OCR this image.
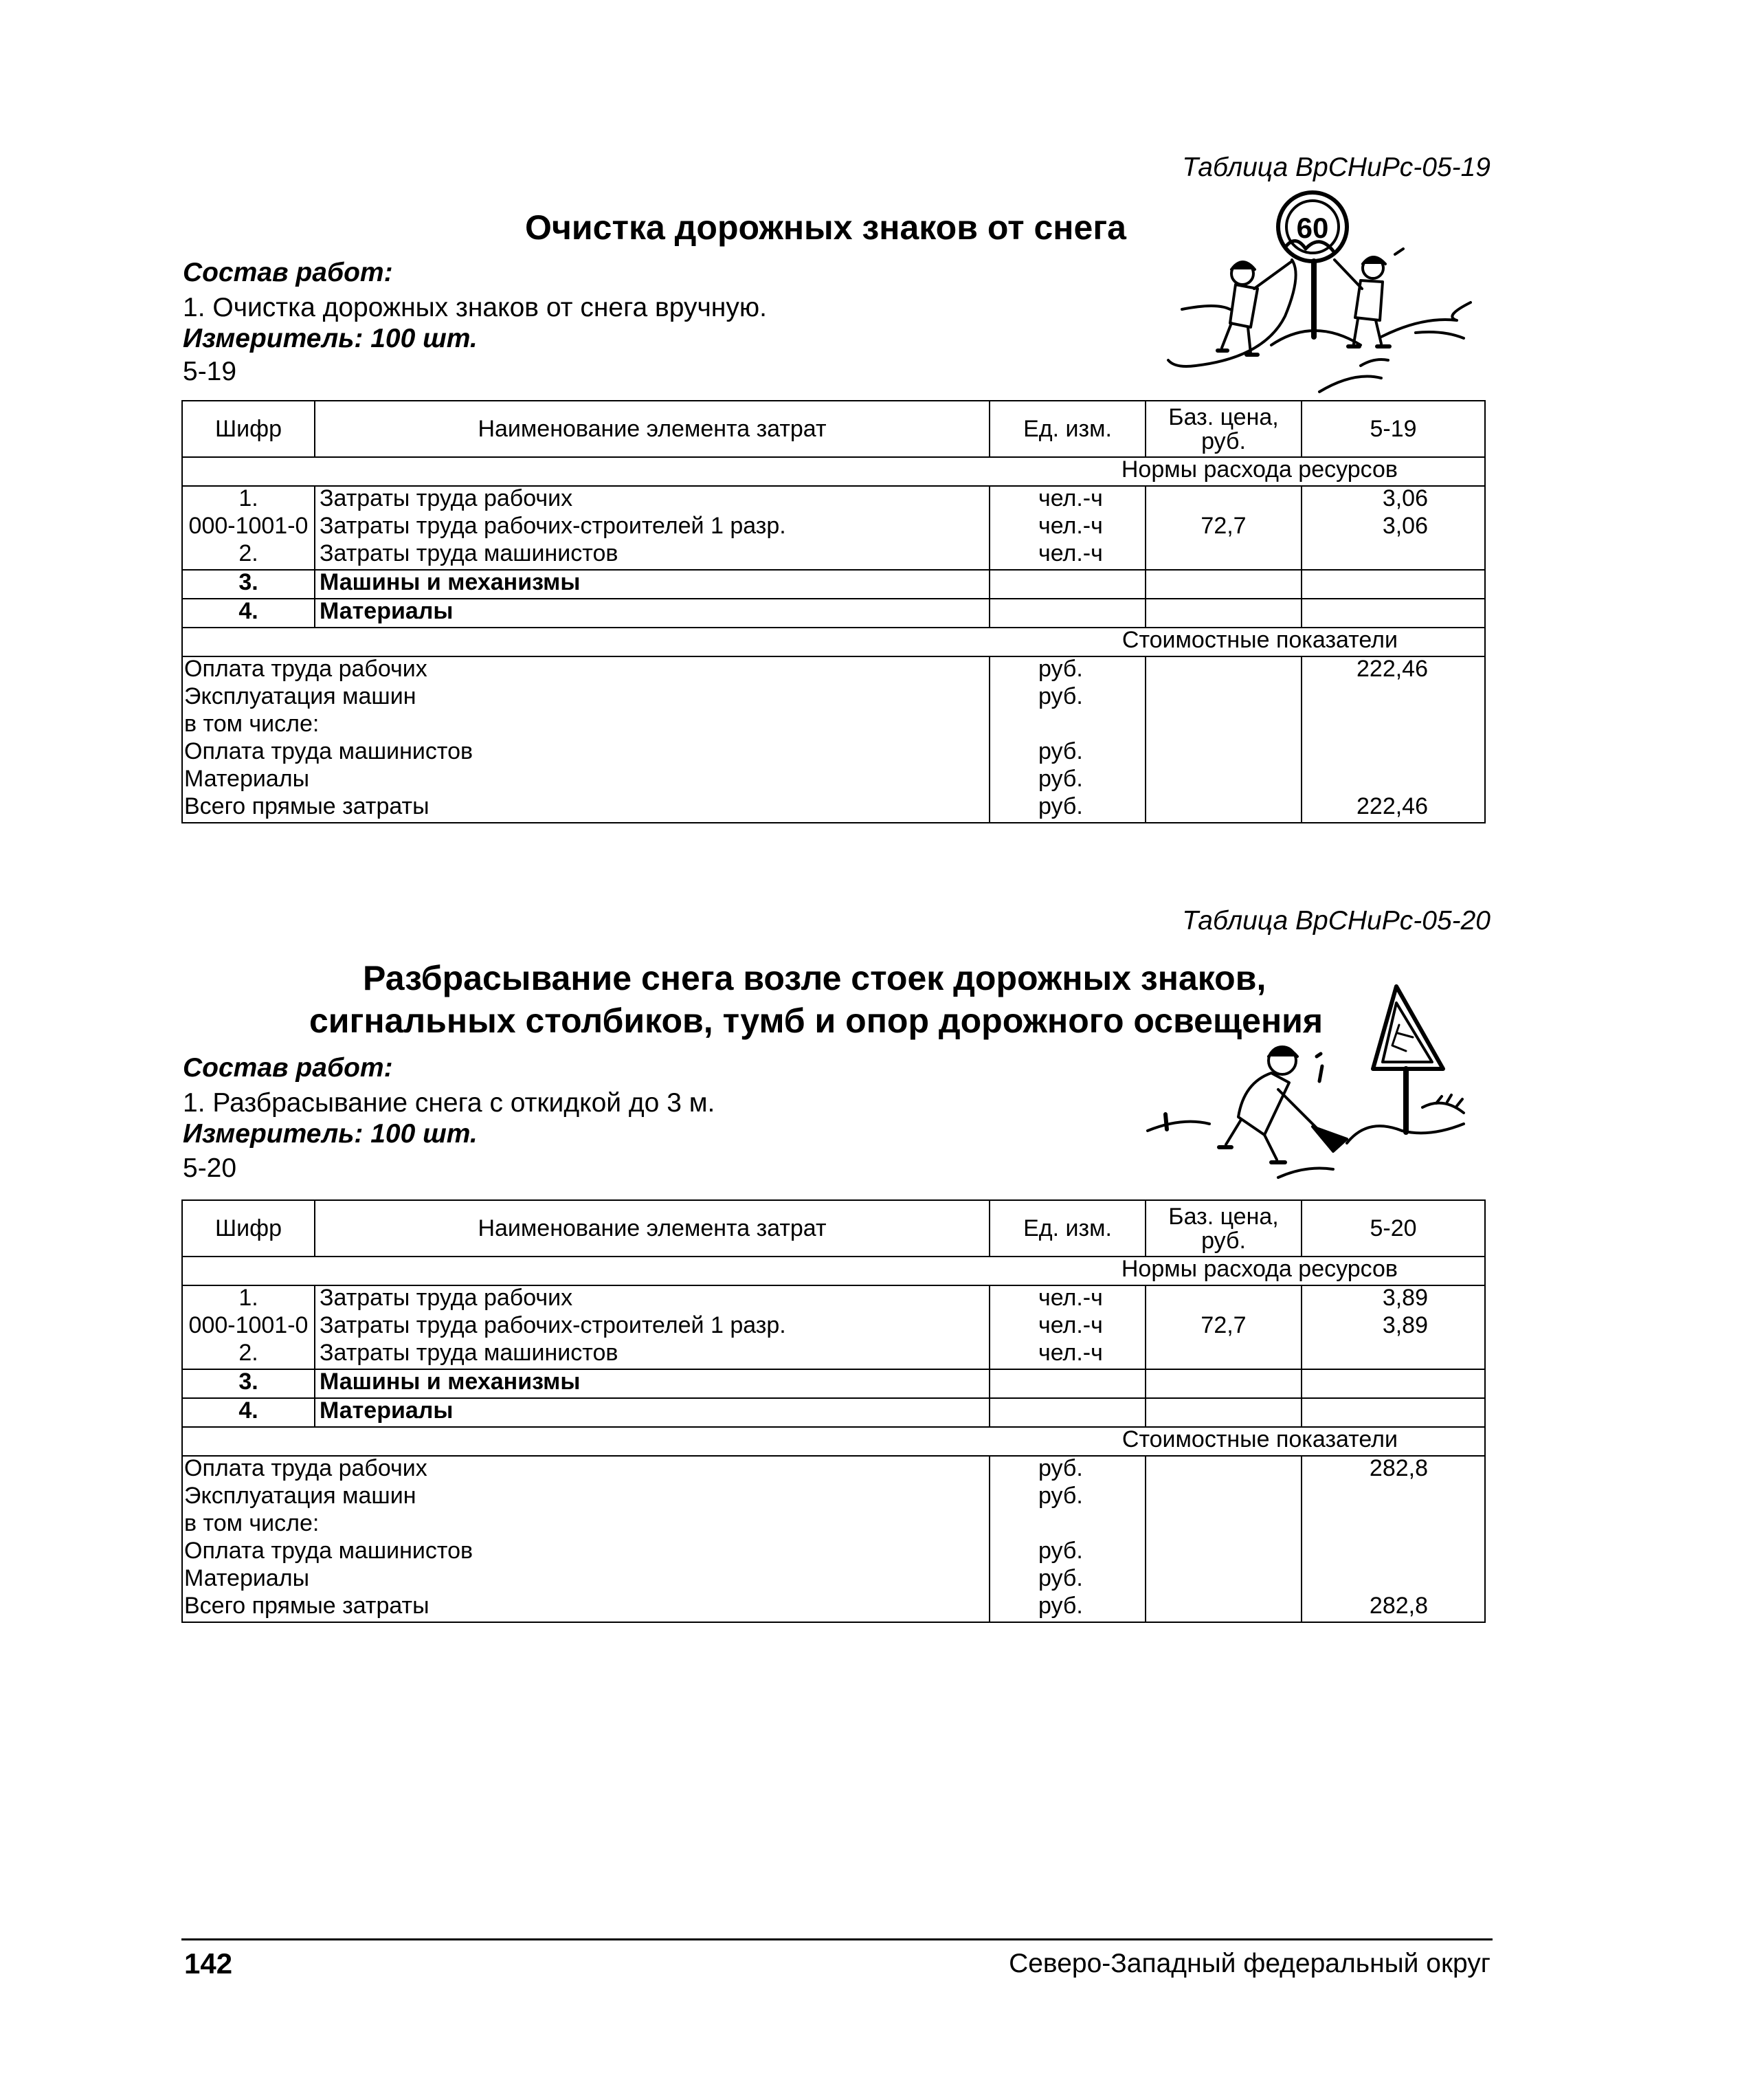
Таблица ВрСНиРс-05-19
Очистка дорожных знаков от снега
Состав работ:
1. Очистка дорожных знаков от снега вручную.
Измеритель: 100 шт.
5-19
60
Шифр	Наименование элемента затрат	Ед. изм.	Баз. цена, руб.	5-19
Нормы расхода ресурсов				
1.	Затраты труда рабочих	чел.-ч		3,06
000-1001-0	Затраты труда рабочих-строителей 1 разр.	чел.-ч	72,7	3,06
2.	Затраты труда машинистов	чел.-ч		
3.	Машины и механизмы			
4.	Материалы			
Стоимостные показатели				
Оплата труда рабочих		руб.		222,46
Эксплуатация машин		руб.		
в том числе:				
Оплата труда машинистов		руб.		
Материалы		руб.		
Всего прямые затраты		руб.		222,46
Таблица ВрСНиРс-05-20
Разбрасывание снега возле стоек дорожных знаков,
сигнальных столбиков, тумб и опор дорожного освещения
Состав работ:
1. Разбрасывание снега с откидкой до 3 м.
Измеритель: 100 шт.
5-20
Шифр	Наименование элемента затрат	Ед. изм.	Баз. цена, руб.	5-20
Нормы расхода ресурсов				
1.	Затраты труда рабочих	чел.-ч		3,89
000-1001-0	Затраты труда рабочих-строителей 1 разр.	чел.-ч	72,7	3,89
2.	Затраты труда машинистов	чел.-ч		
3.	Машины и механизмы			
4.	Материалы			
Стоимостные показатели				
Оплата труда рабочих		руб.		282,8
Эксплуатация машин		руб.		
в том числе:				
Оплата труда машинистов		руб.		
Материалы		руб.		
Всего прямые затраты		руб.		282,8
142	Северо-Западный федеральный округ
